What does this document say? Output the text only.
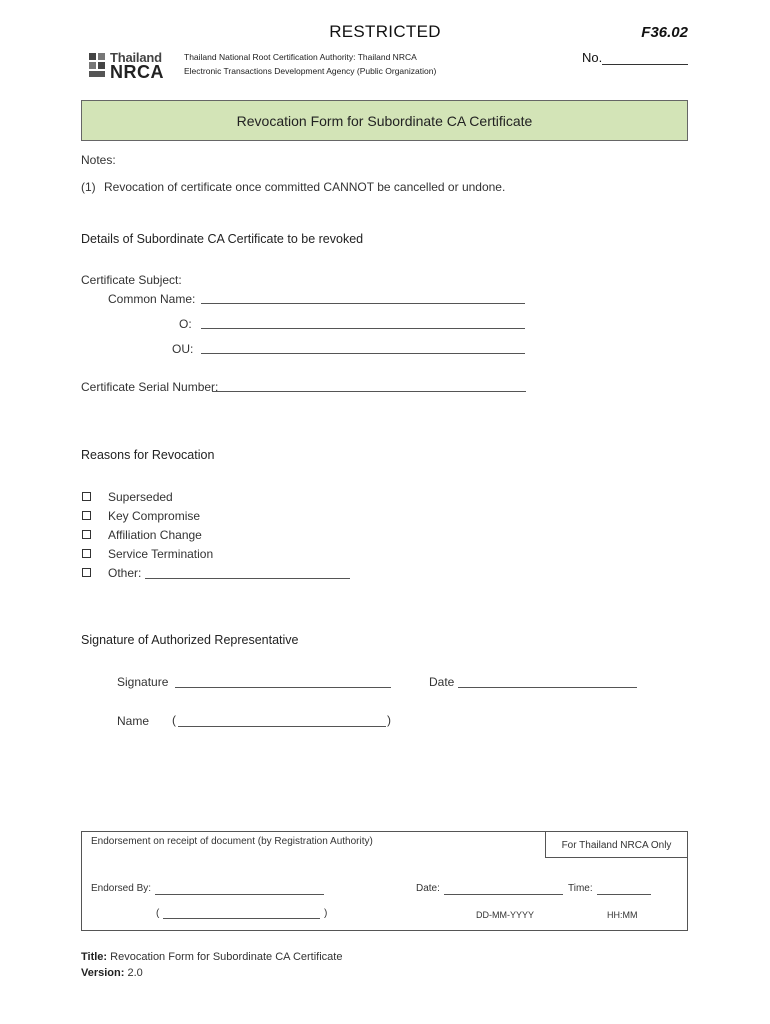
RESTRICTED	F36.02
No.
Thailand
NRCA
Thailand National Root Certification Authority: Thailand NRCA
Electronic Transactions Development Agency (Public Organization)
Revocation Form for Subordinate CA Certificate
Notes:
(1) Revocation of certificate once committed CANNOT be cancelled or undone.
Details of Subordinate CA Certificate to be revoked
Certificate Subject:
Common Name:
O:
OU:
Certificate Serial Number:
Reasons for Revocation
Superseded
Key Compromise
Affiliation Change
Service Termination
Other:
Signature of Authorized Representative
Signature	Date
Name (	)
Endorsement on receipt of document (by Registration Authority)	For Thailand NRCA Only
Endorsed By:	Date:	Time:
(	)	DD-MM-YYYY	HH:MM
Title: Revocation Form for Subordinate CA Certificate
Version: 2.0
